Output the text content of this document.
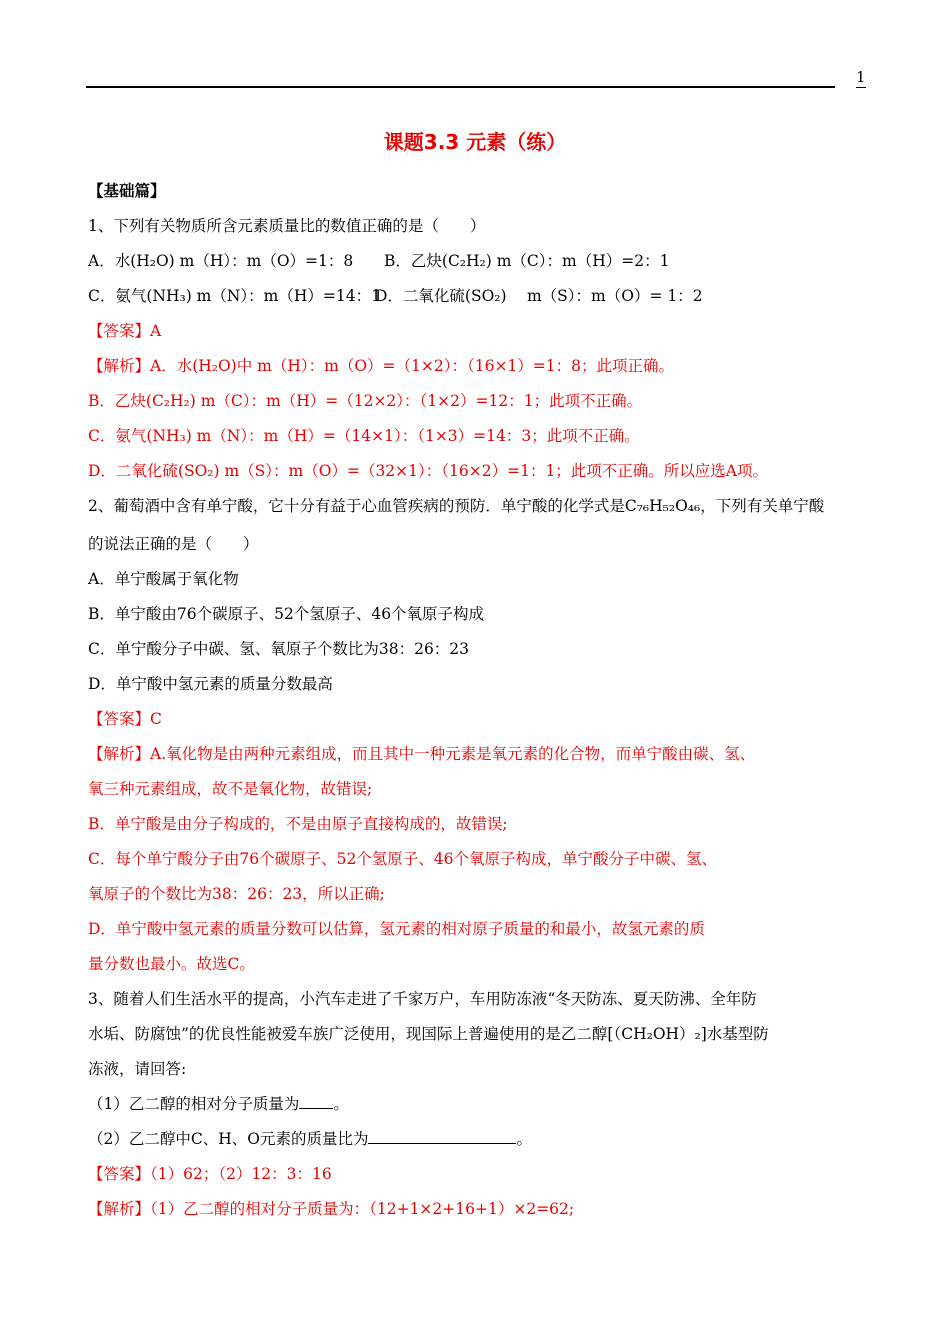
1
课题3.3 元素（练）
【基础篇】
1、下列有关物质所含元素质量比的数值正确的是（　　）
A．水(H₂O) m（H）：m（O）=1：8 B．乙炔(C₂H₂) m（C）：m（H）=2：1
C．氨气(NH₃) m（N）：m（H）=14：1
D．二氧化硫(SO₂)　 m（S）：m（O）= 1：2
【答案】A
【解析】A．水(H₂O)中 m（H）：m（O）=（1×2）：（16×1）=1：8；此项正确。
B．乙炔(C₂H₂) m（C）：m（H）=（12×2）：（1×2）=12：1；此项不正确。
C．氨气(NH₃) m（N）：m（H）=（14×1）：（1×3）=14：3；此项不正确。
D．二氧化硫(SO₂) m（S）：m（O）=（32×1）：（16×2）=1：1；此项不正确。所以应选A项。
2、葡萄酒中含有单宁酸，它十分有益于心血管疾病的预防．单宁酸的化学式是C₇₆H₅₂O₄₆，下列有关单宁酸
的说法正确的是（　　）
A．单宁酸属于氧化物
B．单宁酸由76个碳原子、52个氢原子、46个氧原子构成
C．单宁酸分子中碳、氢、氧原子个数比为38：26：23
D．单宁酸中氢元素的质量分数最高
【答案】C
【解析】A.氧化物是由两种元素组成，而且其中一种元素是氧元素的化合物，而单宁酸由碳、氢、
氧三种元素组成，故不是氧化物，故错误;
B．单宁酸是由分子构成的，不是由原子直接构成的，故错误;
C．每个单宁酸分子由76个碳原子、52个氢原子、46个氧原子构成，单宁酸分子中碳、氢、
氧原子的个数比为38：26：23，所以正确;
D．单宁酸中氢元素的质量分数可以估算，氢元素的相对原子质量的和最小，故氢元素的质
量分数也最小。故选C。
3、随着人们生活水平的提高，小汽车走进了千家万户，车用防冻液“冬天防冻、夏天防沸、全年防
水垢、防腐蚀”的优良性能被爱车族广泛使用，现国际上普遍使用的是乙二醇[（CH₂OH）₂]水基型防
冻液，请回答:
（1）乙二醇的相对分子质量为 。
（2）乙二醇中C、H、O元素的质量比为	。
【答案】（1）62；（2）12：3：16
【解析】（1）乙二醇的相对分子质量为：（12+1×2+16+1）×2=62;
